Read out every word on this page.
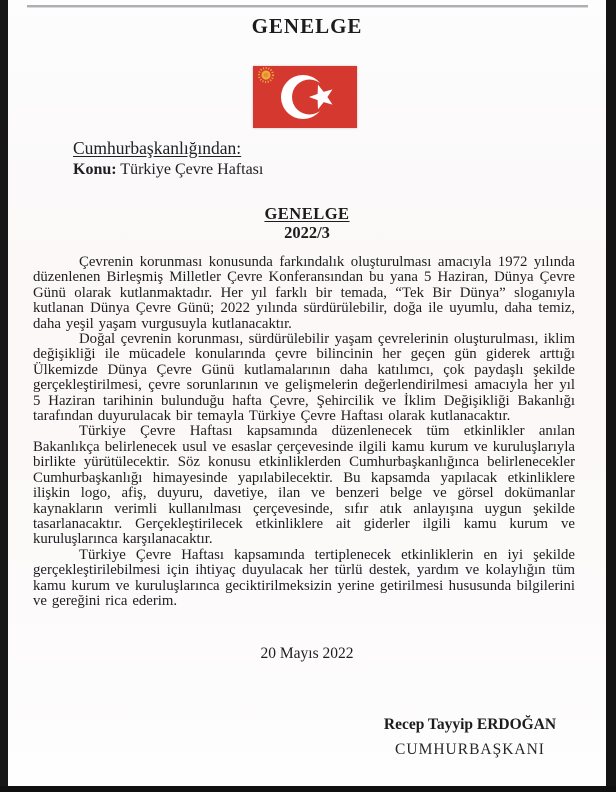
GENELGE
Cumhurbaşkanlığından:
Konu: Türkiye Çevre Haftası
GENELGE
2022/3

Çevrenin korunması konusunda farkındalık oluşturulması amacıyla 1972 yılında düzenlenen Birleşmiş Milletler Çevre Konferansından bu yana 5 Haziran, Dünya Çevre Günü olarak kutlanmaktadır. Her yıl farklı bir temada, “Tek Bir Dünya” sloganıyla kutlanan Dünya Çevre Günü; 2022 yılında sürdürülebilir, doğa ile uyumlu, daha temiz, daha yeşil yaşam vurgusuyla kutlanacaktır.

Doğal çevrenin korunması, sürdürülebilir yaşam çevrelerinin oluşturulması, iklim değişikliği ile mücadele konularında çevre bilincinin her geçen gün giderek arttığı Ülkemizde Dünya Çevre Günü kutlamalarının daha katılımcı, çok paydaşlı şekilde gerçekleştirilmesi, çevre sorunlarının ve gelişmelerin değerlendirilmesi amacıyla her yıl 5 Haziran tarihinin bulunduğu hafta Çevre, Şehircilik ve İklim Değişikliği Bakanlığı tarafından duyurulacak bir temayla Türkiye Çevre Haftası olarak kutlanacaktır.

Türkiye Çevre Haftası kapsamında düzenlenecek tüm etkinlikler anılan Bakanlıkça belirlenecek usul ve esaslar çerçevesinde ilgili kamu kurum ve kuruluşlarıyla birlikte yürütülecektir. Söz konusu etkinliklerden Cumhurbaşkanlığınca belirlenecekler Cumhurbaşkanlığı himayesinde yapılabilecektir. Bu kapsamda yapılacak etkinliklere ilişkin logo, afiş, duyuru, davetiye, ilan ve benzeri belge ve görsel dokümanlar kaynakların verimli kullanılması çerçevesinde, sıfır atık anlayışına uygun şekilde tasarlanacaktır. Gerçekleştirilecek etkinliklere ait giderler ilgili kamu kurum ve kuruluşlarınca karşılanacaktır.

Türkiye Çevre Haftası kapsamında tertiplenecek etkinliklerin en iyi şekilde gerçekleştirilebilmesi için ihtiyaç duyulacak her türlü destek, yardım ve kolaylığın tüm kamu kurum ve kuruluşlarınca geciktirilmeksizin yerine getirilmesi hususunda bilgilerini ve gereğini rica ederim.

20 Mayıs 2022
Recep Tayyip ERDOĞAN
CUMHURBAŞKANI
